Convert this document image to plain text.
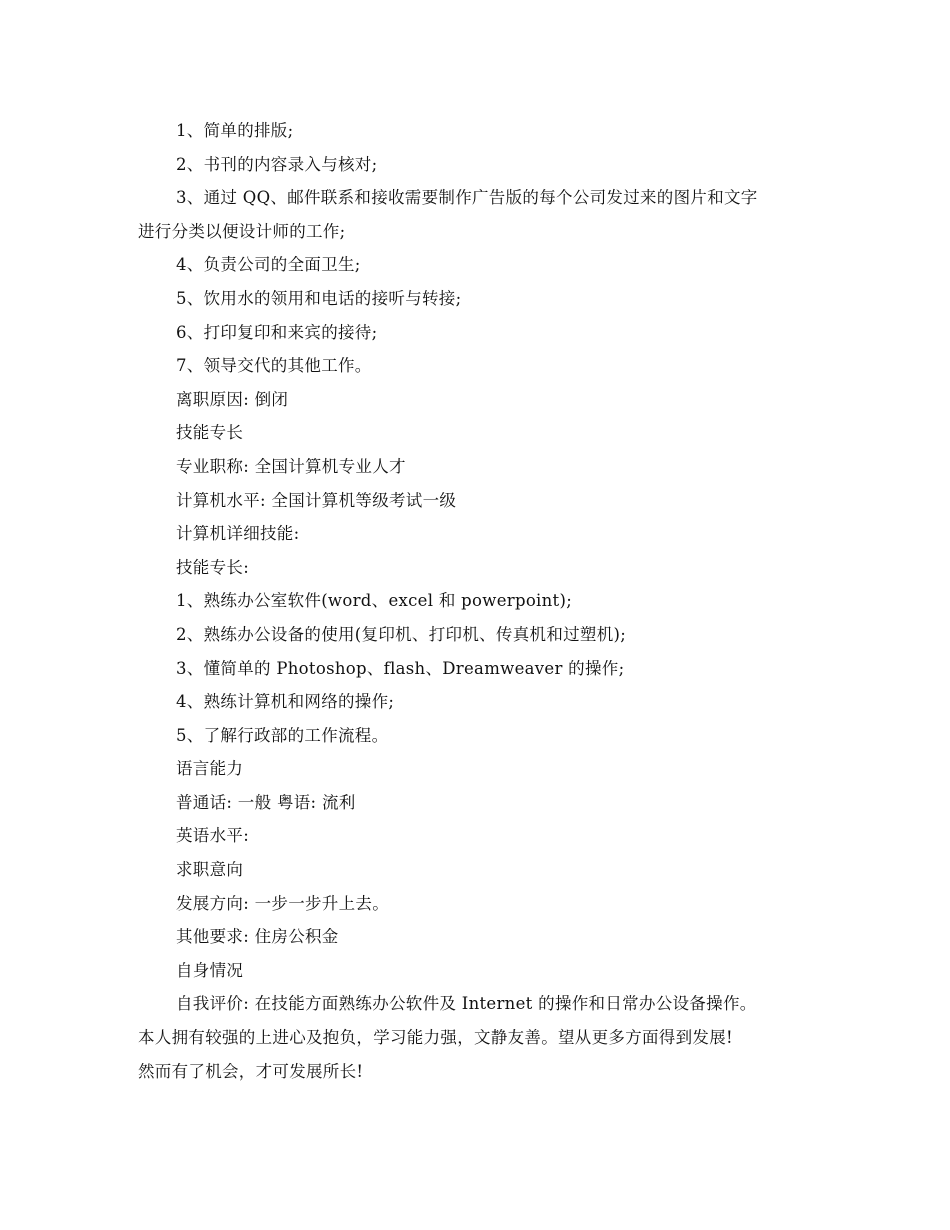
1、简单的排版;
2、书刊的内容录入与核对;
3、通过 QQ、邮件联系和接收需要制作广告版的每个公司发过来的图片和文字
进行分类以便设计师的工作;
4、负责公司的全面卫生;
5、饮用水的领用和电话的接听与转接;
6、打印复印和来宾的接待;
7、领导交代的其他工作。
离职原因: 倒闭
技能专长
专业职称: 全国计算机专业人才
计算机水平: 全国计算机等级考试一级
计算机详细技能:
技能专长:
1、熟练办公室软件(word、excel 和 powerpoint);
2、熟练办公设备的使用(复印机、打印机、传真机和过塑机);
3、懂简单的 Photoshop、flash、Dreamweaver 的操作;
4、熟练计算机和网络的操作;
5、了解行政部的工作流程。
语言能力
普通话: 一般 粤语: 流利
英语水平:
求职意向
发展方向: 一步一步升上去。
其他要求: 住房公积金
自身情况
自我评价: 在技能方面熟练办公软件及 Internet 的操作和日常办公设备操作。
本人拥有较强的上进心及抱负，学习能力强，文静友善。望从更多方面得到发展!
然而有了机会，才可发展所长!
